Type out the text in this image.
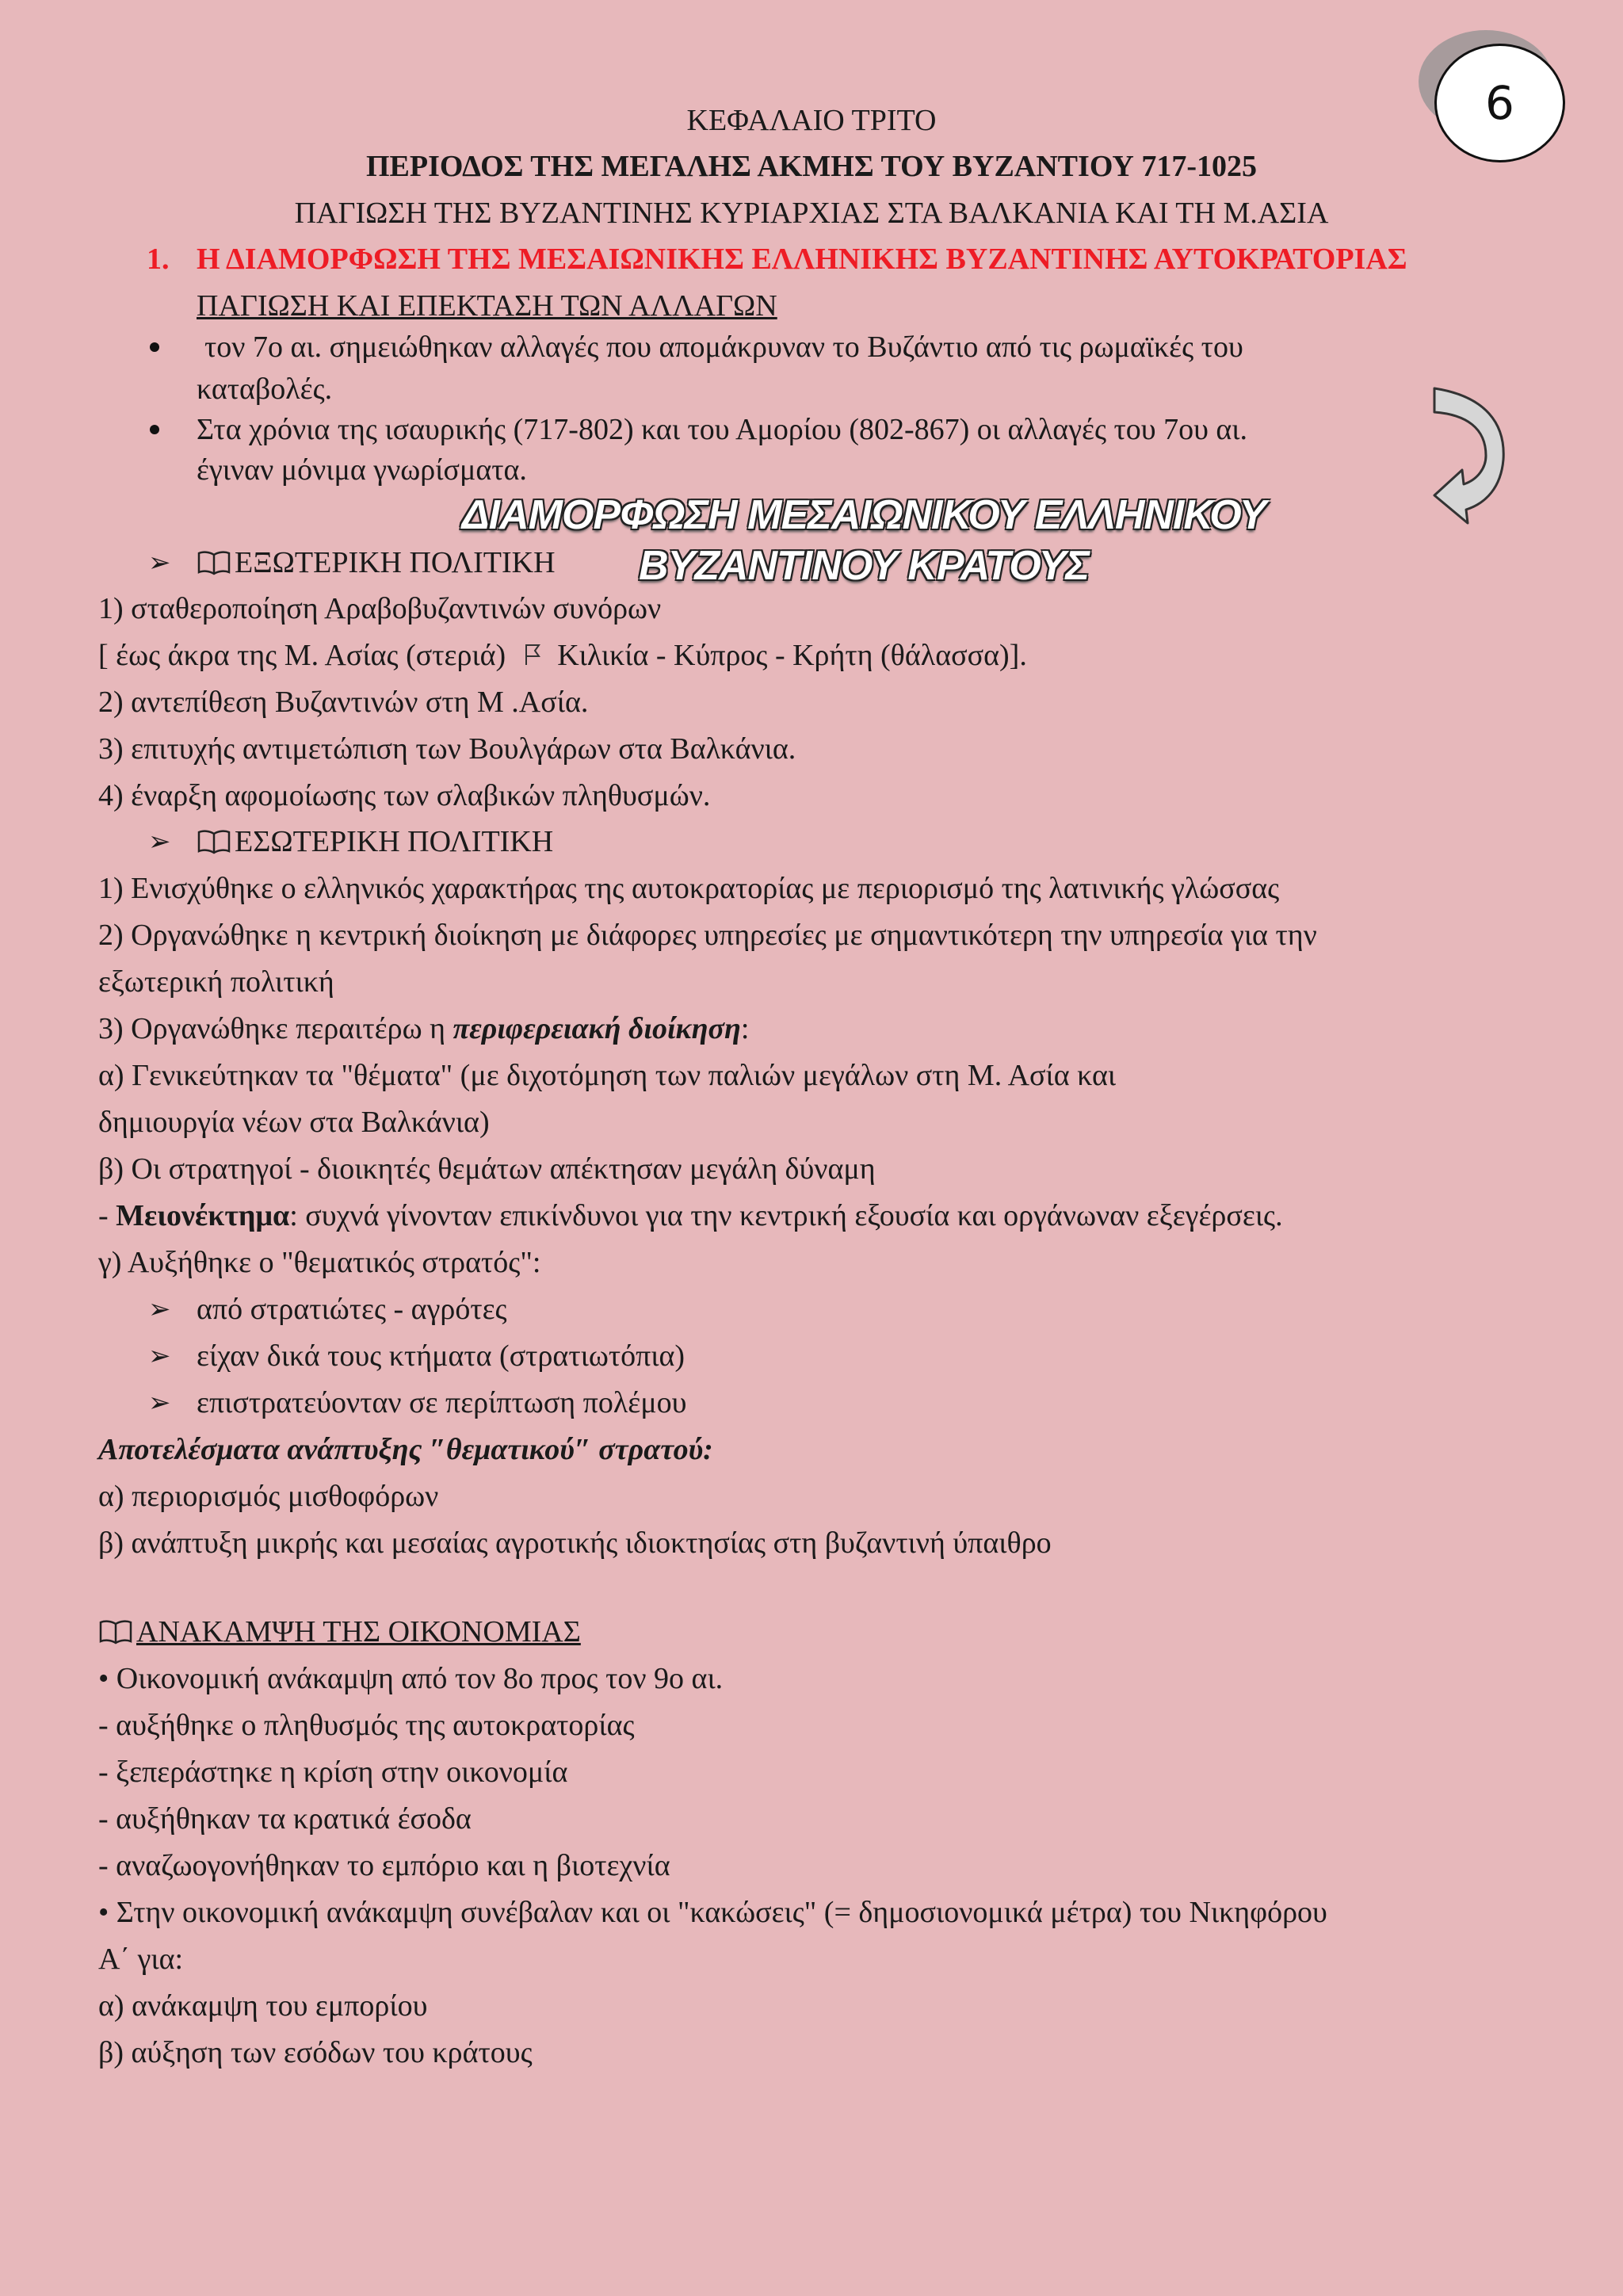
6
ΚΕΦΑΛΑΙΟ ΤΡΙΤΟ
ΠΕΡΙΟΔΟΣ ΤΗΣ ΜΕΓΑΛΗΣ ΑΚΜΗΣ ΤΟΥ ΒΥΖΑΝΤΙΟΥ 717-1025
ΠΑΓΙΩΣΗ ΤΗΣ ΒΥΖΑΝΤΙΝΗΣ ΚΥΡΙΑΡΧΙΑΣ ΣΤΑ ΒΑΛΚΑΝΙΑ ΚΑΙ ΤΗ Μ.ΑΣΙΑ
1. Η ΔΙΑΜΟΡΦΩΣΗ ΤΗΣ ΜΕΣΑΙΩΝΙΚΗΣ ΕΛΛΗΝΙΚΗΣ ΒΥΖΑΝΤΙΝΗΣ ΑΥΤΟΚΡΑΤΟΡΙΑΣ
ΠΑΓΙΩΣΗ ΚΑΙ ΕΠΕΚΤΑΣΗ ΤΩΝ ΑΛΛΑΓΩΝ
τον 7ο αι. σημειώθηκαν αλλαγές που απομάκρυναν το Βυζάντιο από τις ρωμαϊκές του
καταβολές.
Στα χρόνια της ισαυρικής (717-802) και του Αμορίου (802-867) οι αλλαγές του 7ου αι.
έγιναν μόνιμα γνωρίσματα.
ΔΙΑΜΟΡΦΩΣΗ ΜΕΣΑΙΩΝΙΚΟΥ ΕΛΛΗΝΙΚΟΥ ΒΥΖΑΝΤΙΝΟΥ ΚΡΑΤΟΥΣ
➢	ΕΞΩΤΕΡΙΚΗ ΠΟΛΙΤΙΚΗ
1) σταθεροποίηση Αραβοβυζαντινών συνόρων
[ έως άκρα της Μ. Ασίας (στεριά) Κιλικία - Κύπρος - Κρήτη (θάλασσα)].
2) αντεπίθεση Βυζαντινών στη Μ .Ασία.
3) επιτυχής αντιμετώπιση των Βουλγάρων στα Βαλκάνια.
4) έναρξη αφομοίωσης των σλαβικών πληθυσμών.
➢	ΕΣΩΤΕΡΙΚΗ ΠΟΛΙΤΙΚΗ
1) Ενισχύθηκε ο ελληνικός χαρακτήρας της αυτοκρατορίας με περιορισμό της λατινικής γλώσσας
2) Οργανώθηκε η κεντρική διοίκηση με διάφορες υπηρεσίες με σημαντικότερη την υπηρεσία για την
εξωτερική πολιτική
3) Οργανώθηκε περαιτέρω η περιφερειακή διοίκηση:
α) Γενικεύτηκαν τα "θέματα" (με διχοτόμηση των παλιών μεγάλων στη Μ. Ασία και
δημιουργία νέων στα Βαλκάνια)
β) Οι στρατηγοί - διοικητές θεμάτων απέκτησαν μεγάλη δύναμη
- Μειονέκτημα: συχνά γίνονταν επικίνδυνοι για την κεντρική εξουσία και οργάνωναν εξεγέρσεις.
γ) Αυξήθηκε ο "θεματικός στρατός":
➢ από στρατιώτες - αγρότες
➢ είχαν δικά τους κτήματα (στρατιωτόπια)
➢ επιστρατεύονταν σε περίπτωση πολέμου
Αποτελέσματα ανάπτυξης ″θεματικού″ στρατού:
α) περιορισμός μισθοφόρων
β) ανάπτυξη μικρής και μεσαίας αγροτικής ιδιοκτησίας στη βυζαντινή ύπαιθρο
ΑΝΑΚΑΜΨΗ ΤΗΣ ΟΙΚΟΝΟΜΙΑΣ
• Οικονομική ανάκαμψη από τον 8ο προς τον 9ο αι.
- αυξήθηκε ο πληθυσμός της αυτοκρατορίας
- ξεπεράστηκε η κρίση στην οικονομία
- αυξήθηκαν τα κρατικά έσοδα
- αναζωογονήθηκαν το εμπόριο και η βιοτεχνία
• Στην οικονομική ανάκαμψη συνέβαλαν και οι "κακώσεις" (= δημοσιονομικά μέτρα) του Νικηφόρου
Α΄ για:
α) ανάκαμψη του εμπορίου
β) αύξηση των εσόδων του κράτους
